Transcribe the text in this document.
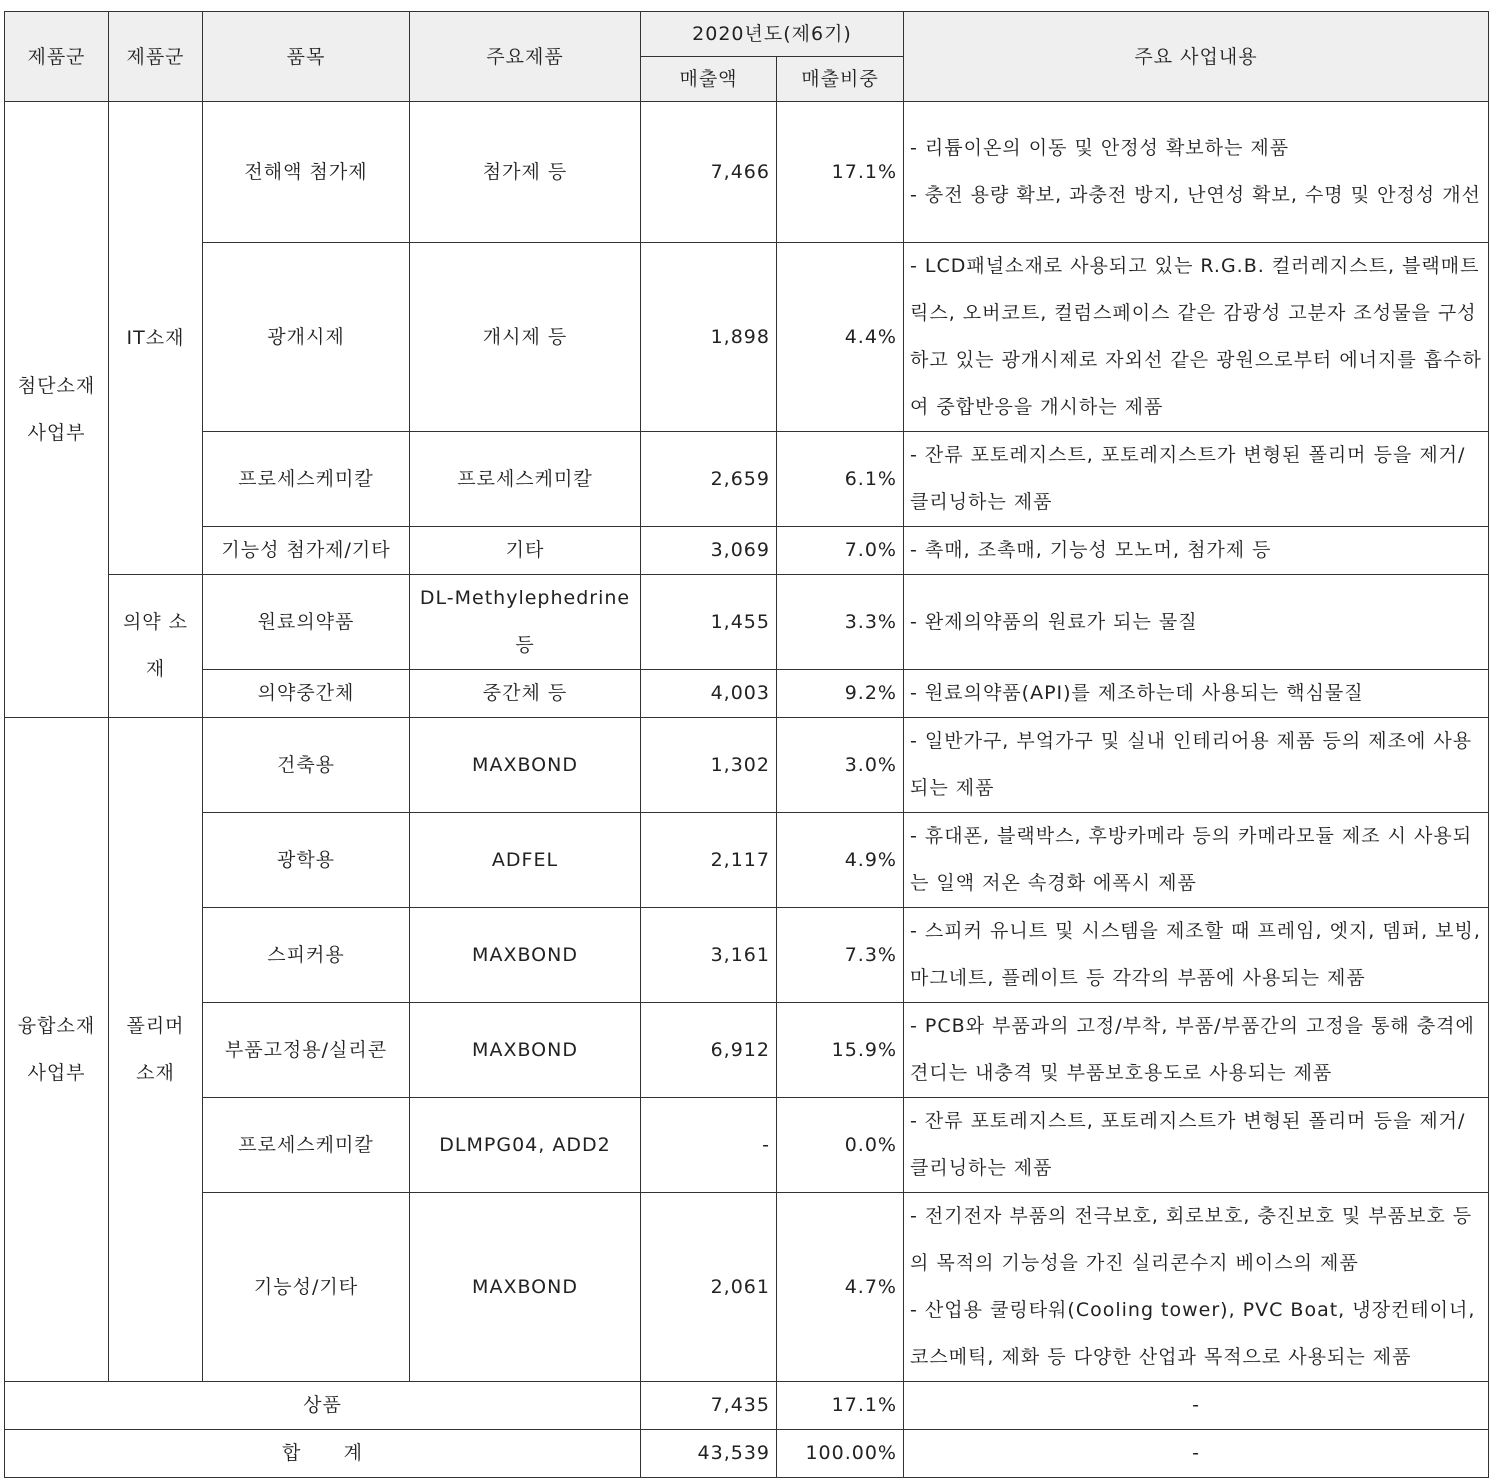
제품군	제품군	품목	주요제품	2020년도(제6기)		주요 사업내용
				매출액	매출비중	
첨단소재 사업부	IT소재	전해액 첨가제	첨가제 등	7,466	17.1%	- 리튬이온의 이동 및 안정성 확보하는 제품
- 충전 용량 확보, 과충전 방지, 난연성 확보, 수명 및 안정성 개선

		광개시제	개시제 등	1,898	4.4%	- LCD패널소재로 사용되고 있는 R.G.B. 컬러레지스트, 블랙매트릭스, 오버코트, 컬럼스페이스 같은 감광성 고분자 조성물을 구성하고 있는 광개시제로 자외선 같은 광원으로부터 에너지를 흡수하여 중합반응을 개시하는 제품

		프로세스케미칼	프로세스케미칼	2,659	6.1%	- 잔류 포토레지스트, 포토레지스트가 변형된 폴리머 등을 제거/클리닝하는 제품

		기능성 첨가제/기타	기타	3,069	7.0%	- 촉매, 조촉매, 기능성 모노머, 첨가제 등

	의약 소재	원료의약품	DL-Methylephedrine 등	1,455	3.3%	- 완제의약품의 원료가 되는 물질

		의약중간체	중간체 등	4,003	9.2%	- 원료의약품(API)를 제조하는데 사용되는 핵심물질

융합소재 사업부	폴리머 소재	건축용	MAXBOND	1,302	3.0%	- 일반가구, 부엌가구 및 실내 인테리어용 제품 등의 제조에 사용되는 제품

		광학용	ADFEL	2,117	4.9%	- 휴대폰, 블랙박스, 후방카메라 등의 카메라모듈 제조 시 사용되는 일액 저온 속경화 에폭시 제품

		스피커용	MAXBOND	3,161	7.3%	- 스피커 유니트 및 시스템을 제조할 때 프레임, 엣지, 뎀퍼, 보빙, 마그네트, 플레이트 등 각각의 부품에 사용되는 제품

		부품고정용/실리콘	MAXBOND	6,912	15.9%	- PCB와 부품과의 고정/부착, 부품/부품간의 고정을 통해 충격에 견디는 내충격 및 부품보호용도로 사용되는 제품

		프로세스케미칼	DLMPG04, ADD2	-	0.0%	- 잔류 포토레지스트, 포토레지스트가 변형된 폴리머 등을 제거/클리닝하는 제품

		기능성/기타	MAXBOND	2,061	4.7%	- 전기전자 부품의 전극보호, 회로보호, 충진보호 및 부품보호 등의 목적의 기능성을 가진 실리콘수지 베이스의 제품
- 산업용 쿨링타워(Cooling tower), PVC Boat, 냉장컨테이너, 코스메틱, 제화 등 다양한 산업과 목적으로 사용되는 제품

상품				7,435	17.1%	-
합      계				43,539	100.00%	-
